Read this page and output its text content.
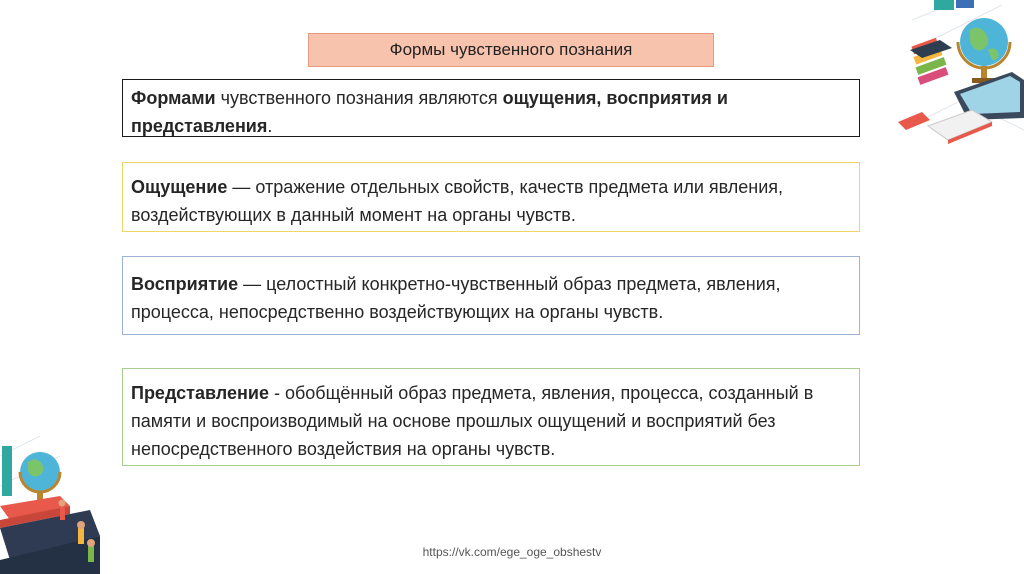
Формы чувственного познания
Формами чувственного познания являются ощущения, восприятия и представления.
Ощущение — отражение отдельных свойств, качеств предмета или явления, воздействующих в данный момент на органы чувств.
Восприятие — целостный конкретно-чувственный образ предмета, явления, процесса, непосредственно воздействующих на органы чувств.
Представление - обобщённый образ предмета, явления, процесса, созданный в памяти и воспроизводимый на основе прошлых ощущений и восприятий без непосредственного воздействия на органы чувств.
https://vk.com/ege_oge_obshestv
